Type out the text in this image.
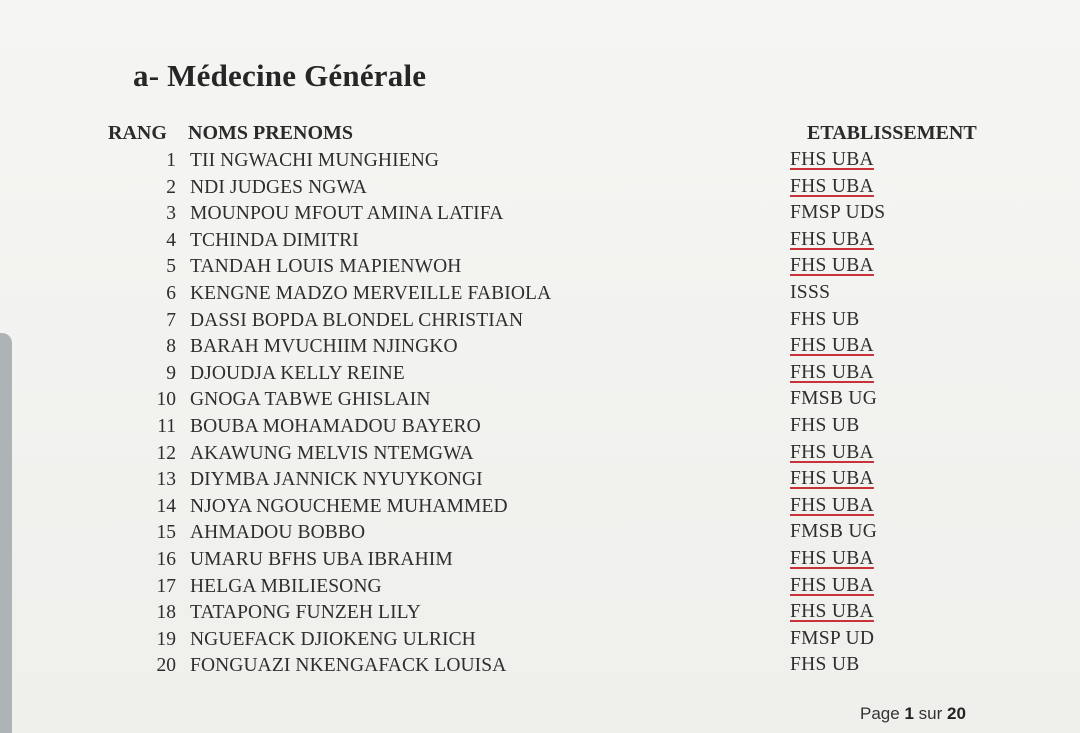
a- Médecine Générale
RANG NOMS PRENOMS	ETABLISSEMENT
1 TII NGWACHI MUNGHIENG	FHS UBA
2 NDI JUDGES NGWA	FHS UBA
3 MOUNPOU MFOUT AMINA LATIFA	FMSP UDS
4 TCHINDA DIMITRI	FHS UBA
5 TANDAH LOUIS MAPIENWOH	FHS UBA
6 KENGNE MADZO MERVEILLE FABIOLA	ISSS
7 DASSI BOPDA BLONDEL CHRISTIAN	FHS UB
8 BARAH MVUCHIIM NJINGKO	FHS UBA
9 DJOUDJA KELLY REINE	FHS UBA
10 GNOGA TABWE GHISLAIN	FMSB UG
11 BOUBA MOHAMADOU BAYERO	FHS UB
12 AKAWUNG MELVIS NTEMGWA	FHS UBA
13 DIYMBA JANNICK NYUYKONGI	FHS UBA
14 NJOYA NGOUCHEME MUHAMMED	FHS UBA
15 AHMADOU BOBBO	FMSB UG
16 UMARU BFHS UBA IBRAHIM	FHS UBA
17 HELGA MBILIESONG	FHS UBA
18 TATAPONG FUNZEH LILY	FHS UBA
19 NGUEFACK DJIOKENG ULRICH	FMSP UD
20 FONGUAZI NKENGAFACK LOUISA	FHS UB
Page 1 sur 20
